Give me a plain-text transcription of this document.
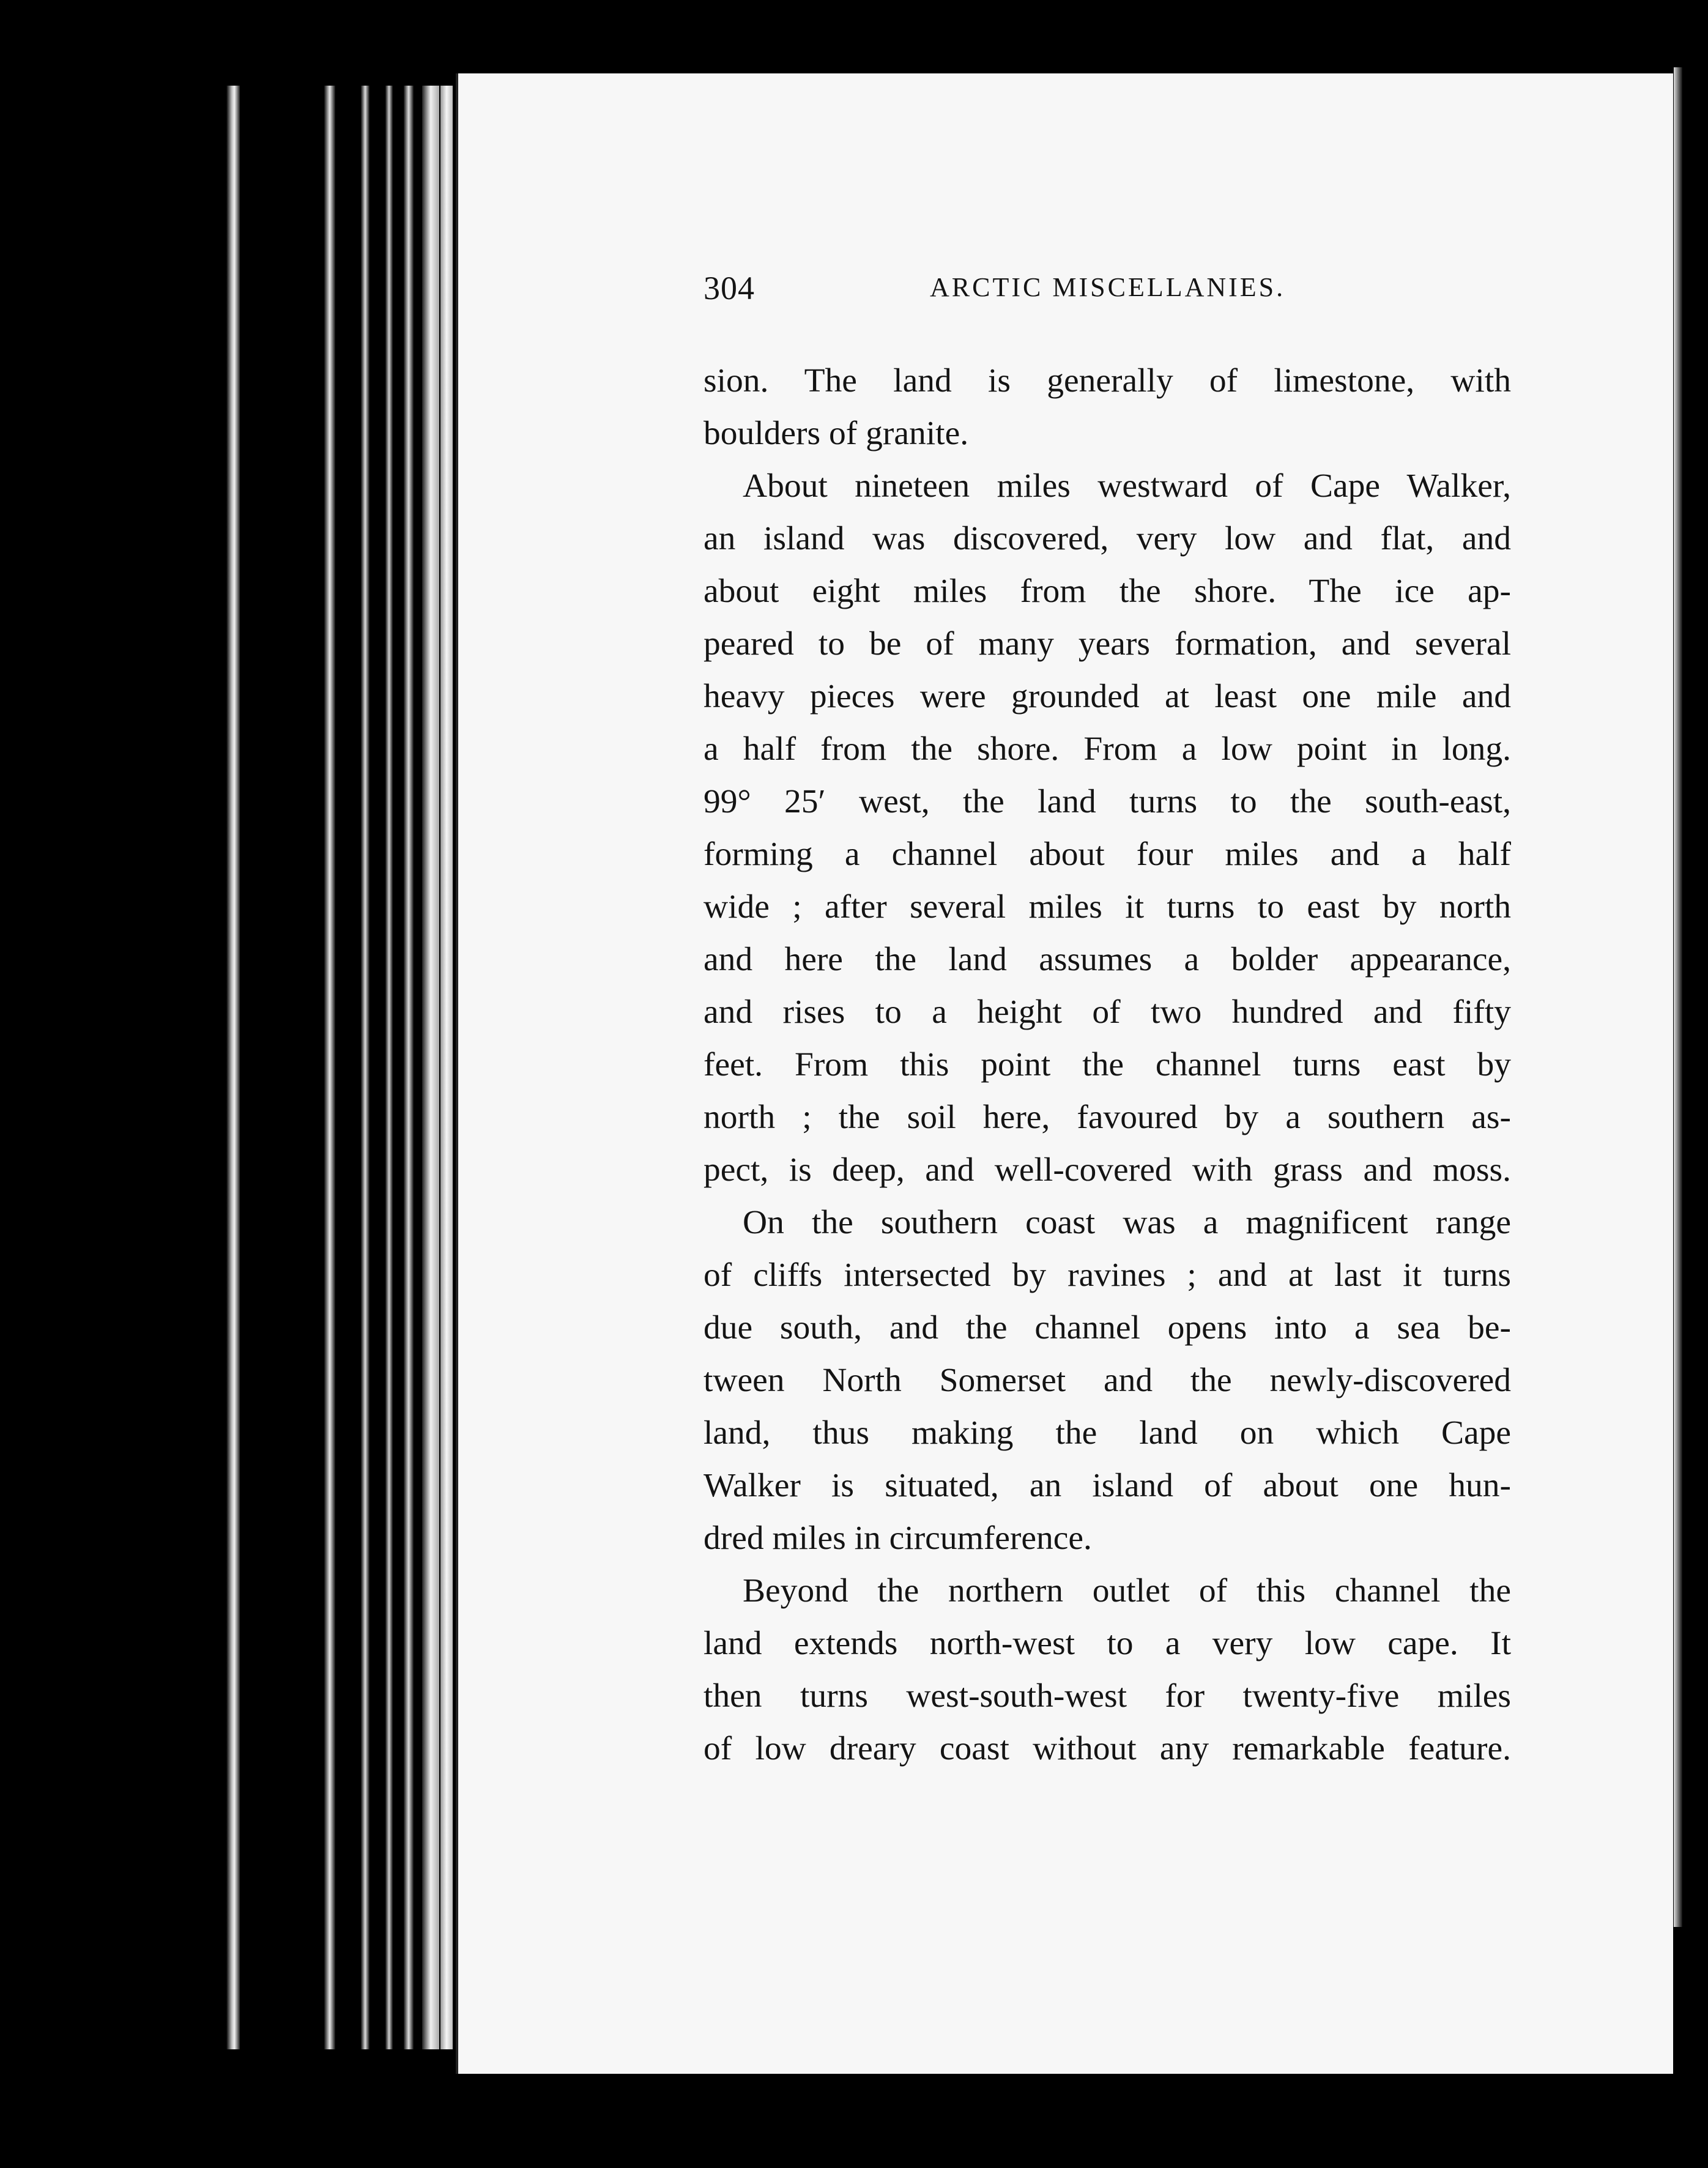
304	ARCTIC MISCELLANIES.
sion. The land is generally of limestone, with
boulders of granite.
About nineteen miles westward of Cape Walker,
an island was discovered, very low and flat, and
about eight miles from the shore. The ice ap-
peared to be of many years formation, and several
heavy pieces were grounded at least one mile and
a half from the shore. From a low point in long.
99° 25′ west, the land turns to the south-east,
forming a channel about four miles and a half
wide ; after several miles it turns to east by north
and here the land assumes a bolder appearance,
and rises to a height of two hundred and fifty
feet. From this point the channel turns east by
north ; the soil here, favoured by a southern as-
pect, is deep, and well-covered with grass and moss.
On the southern coast was a magnificent range
of cliffs intersected by ravines ; and at last it turns
due south, and the channel opens into a sea be-
tween North Somerset and the newly-discovered
land, thus making the land on which Cape
Walker is situated, an island of about one hun-
dred miles in circumference.
Beyond the northern outlet of this channel the
land extends north-west to a very low cape. It
then turns west-south-west for twenty-five miles
of low dreary coast without any remarkable feature.
